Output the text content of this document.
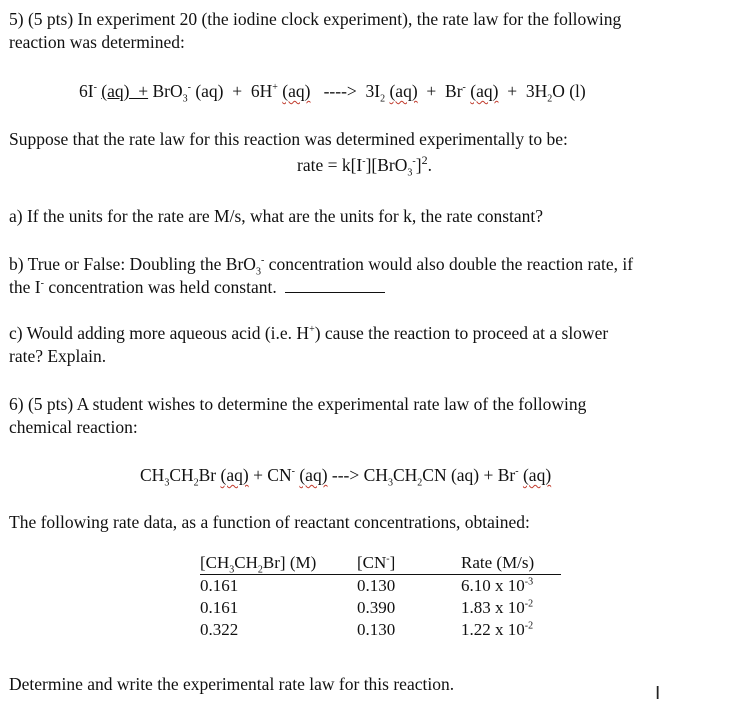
5) (5 pts) In experiment 20 (the iodine clock experiment), the rate law for the following
reaction was determined:
6I- (aq)  + BrO$_3$- (aq)  +  6H+ (aq)   ---->  $3I_2$ (aq)  +  Br- $(aq) + 3H_2O$ (l)
Suppose that the rate law for this reaction was determined experimentally to be:
rate = $k[I^-][BrO_3^-]^2$.
a) If the units for the rate are M/s, what are the units for k, the rate constant?
b) True or False: Doubling the BrO$_3$- concentration would also double the reaction rate, if
the I- concentration was held constant.
c) Would adding more aqueous acid (i.e. H+) cause the reaction to proceed at a slower
rate? Explain.
6) (5 pts) A student wishes to determine the experimental rate law of the following
chemical reaction:
$CH_3CH_2Br$ (aq) + CN- (aq) ---> $CH_3CH_2CN$ (aq) + Br- (aq)
The following rate data, as a function of reactant concentrations, obtained:
$[CH_3CH_2Br]$ (M)	[CN-]	Rate (M/s)
0.161	0.130	6.10 x $10^{-3}$
0.161	0.390	1.83 x $10^{-2}$
0.322	0.130	1.22 x $10^{-2}$
Determine and write the experimental rate law for this reaction.	I
